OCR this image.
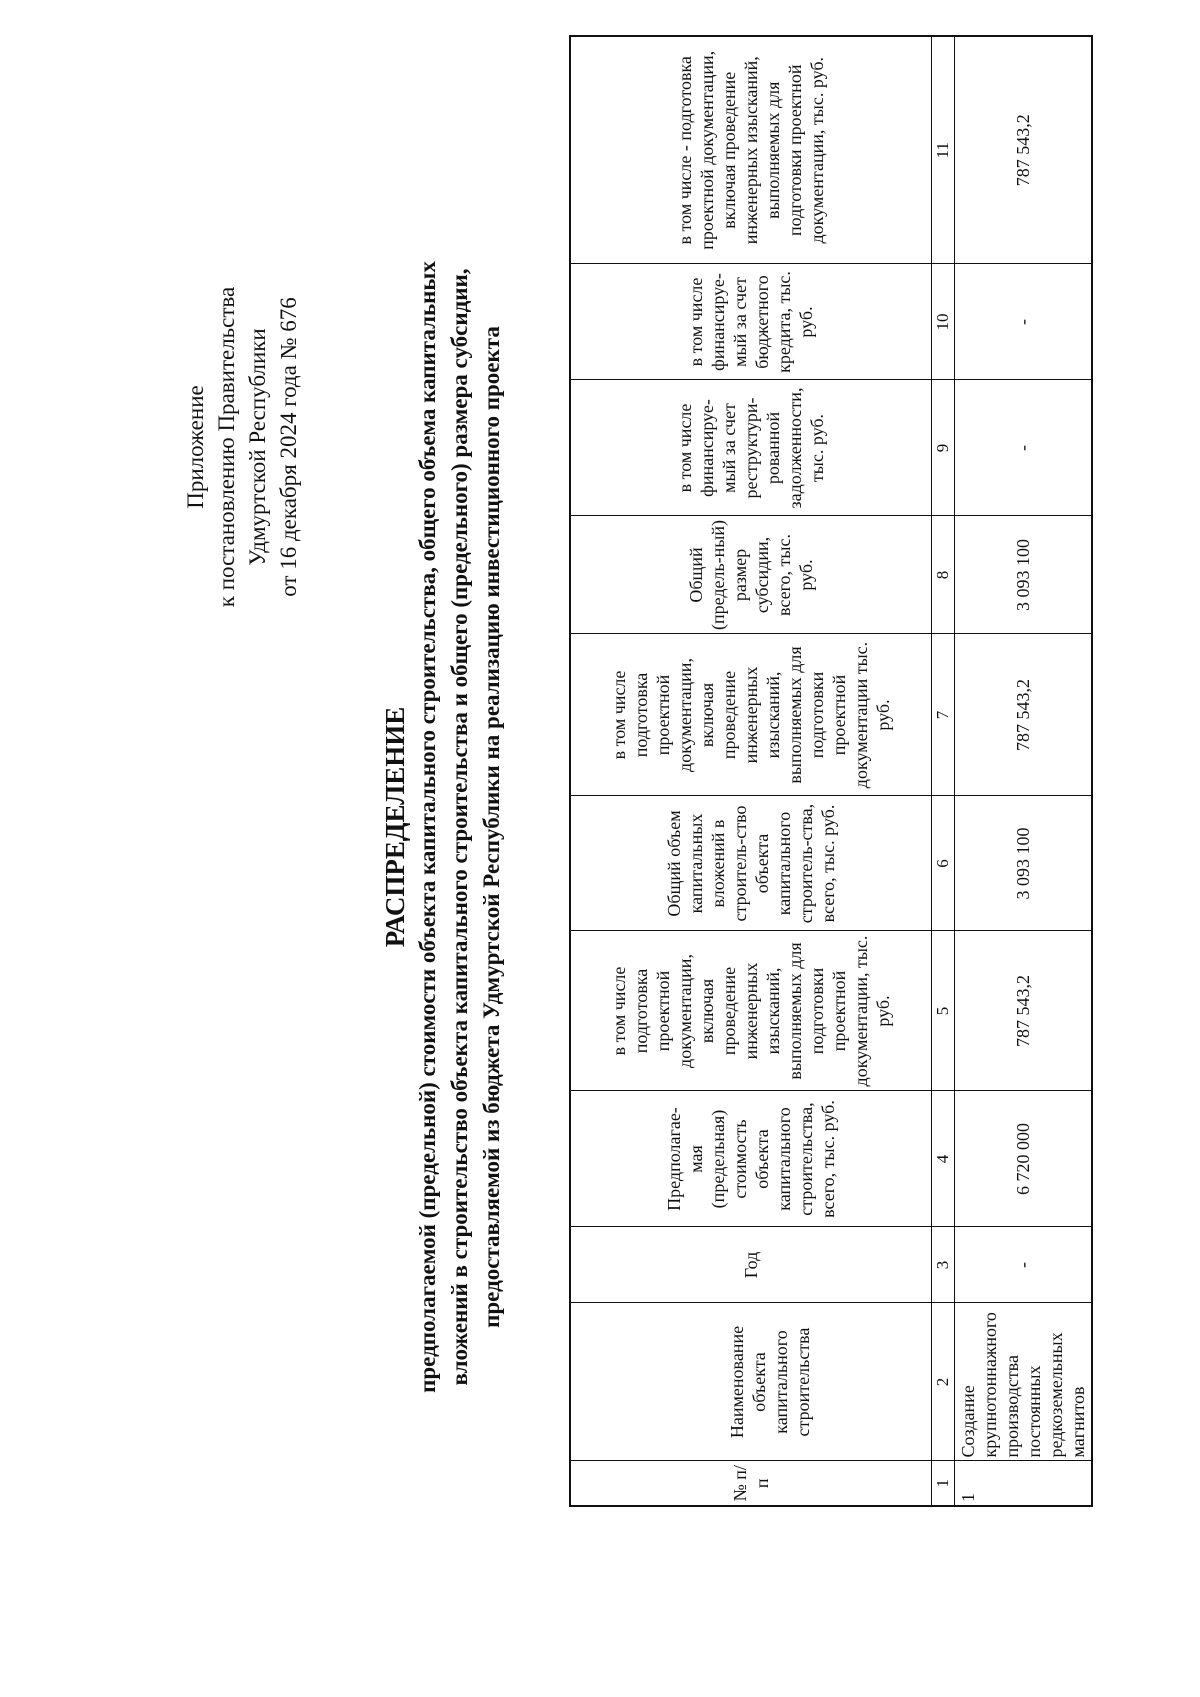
Приложение к постановлению Правительства Удмуртской Республики от 16 декабря 2024 года № 676
РАСПРЕДЕЛЕНИЕ предполагаемой (предельной) стоимости объекта капитального строительства, общего объема капитальных вложений в строительство объекта капитального строительства и общего (предельного) размера субсидии, предоставляемой из бюджета Удмуртской Республики на реализацию инвестиционного проекта
№ п/п	Наименование объекта капитального строительства	Год	Предполагае-мая (предельная) стоимость объекта капитального строительства, всего, тыс. руб.	в том числе подготовка проектной документации, включая проведение инженерных изысканий, выполняемых для подготовки проектной документации, тыс. руб.	Общий объем капитальных вложений в строитель-ство объекта капитального строитель-ства, всего, тыс. руб.	в том числе подготовка проектной документации, включая проведение инженерных изысканий, выполняемых для подготовки проектной документации тыс. руб.	Общий (предель-ный) размер субсидии, всего, тыс. руб.	в том числе финансируе-мый за счет реструктури-рованной задолженности, тыс. руб.	в том числе финансируе-мый за счет бюджетного кредита, тыс. руб.	в том числе - подготовка проектной документации, включая проведение инженерных изысканий, выполняемых для подготовки проектной документации, тыс. руб.
1	2	3	4	5	6	7	8	9	10	11
1	Создание крупнотоннажного производства постоянных редкоземельных магнитов	-	6 720 000	787 543,2	3 093 100	787 543,2	3 093 100	-	-	787 543,2
